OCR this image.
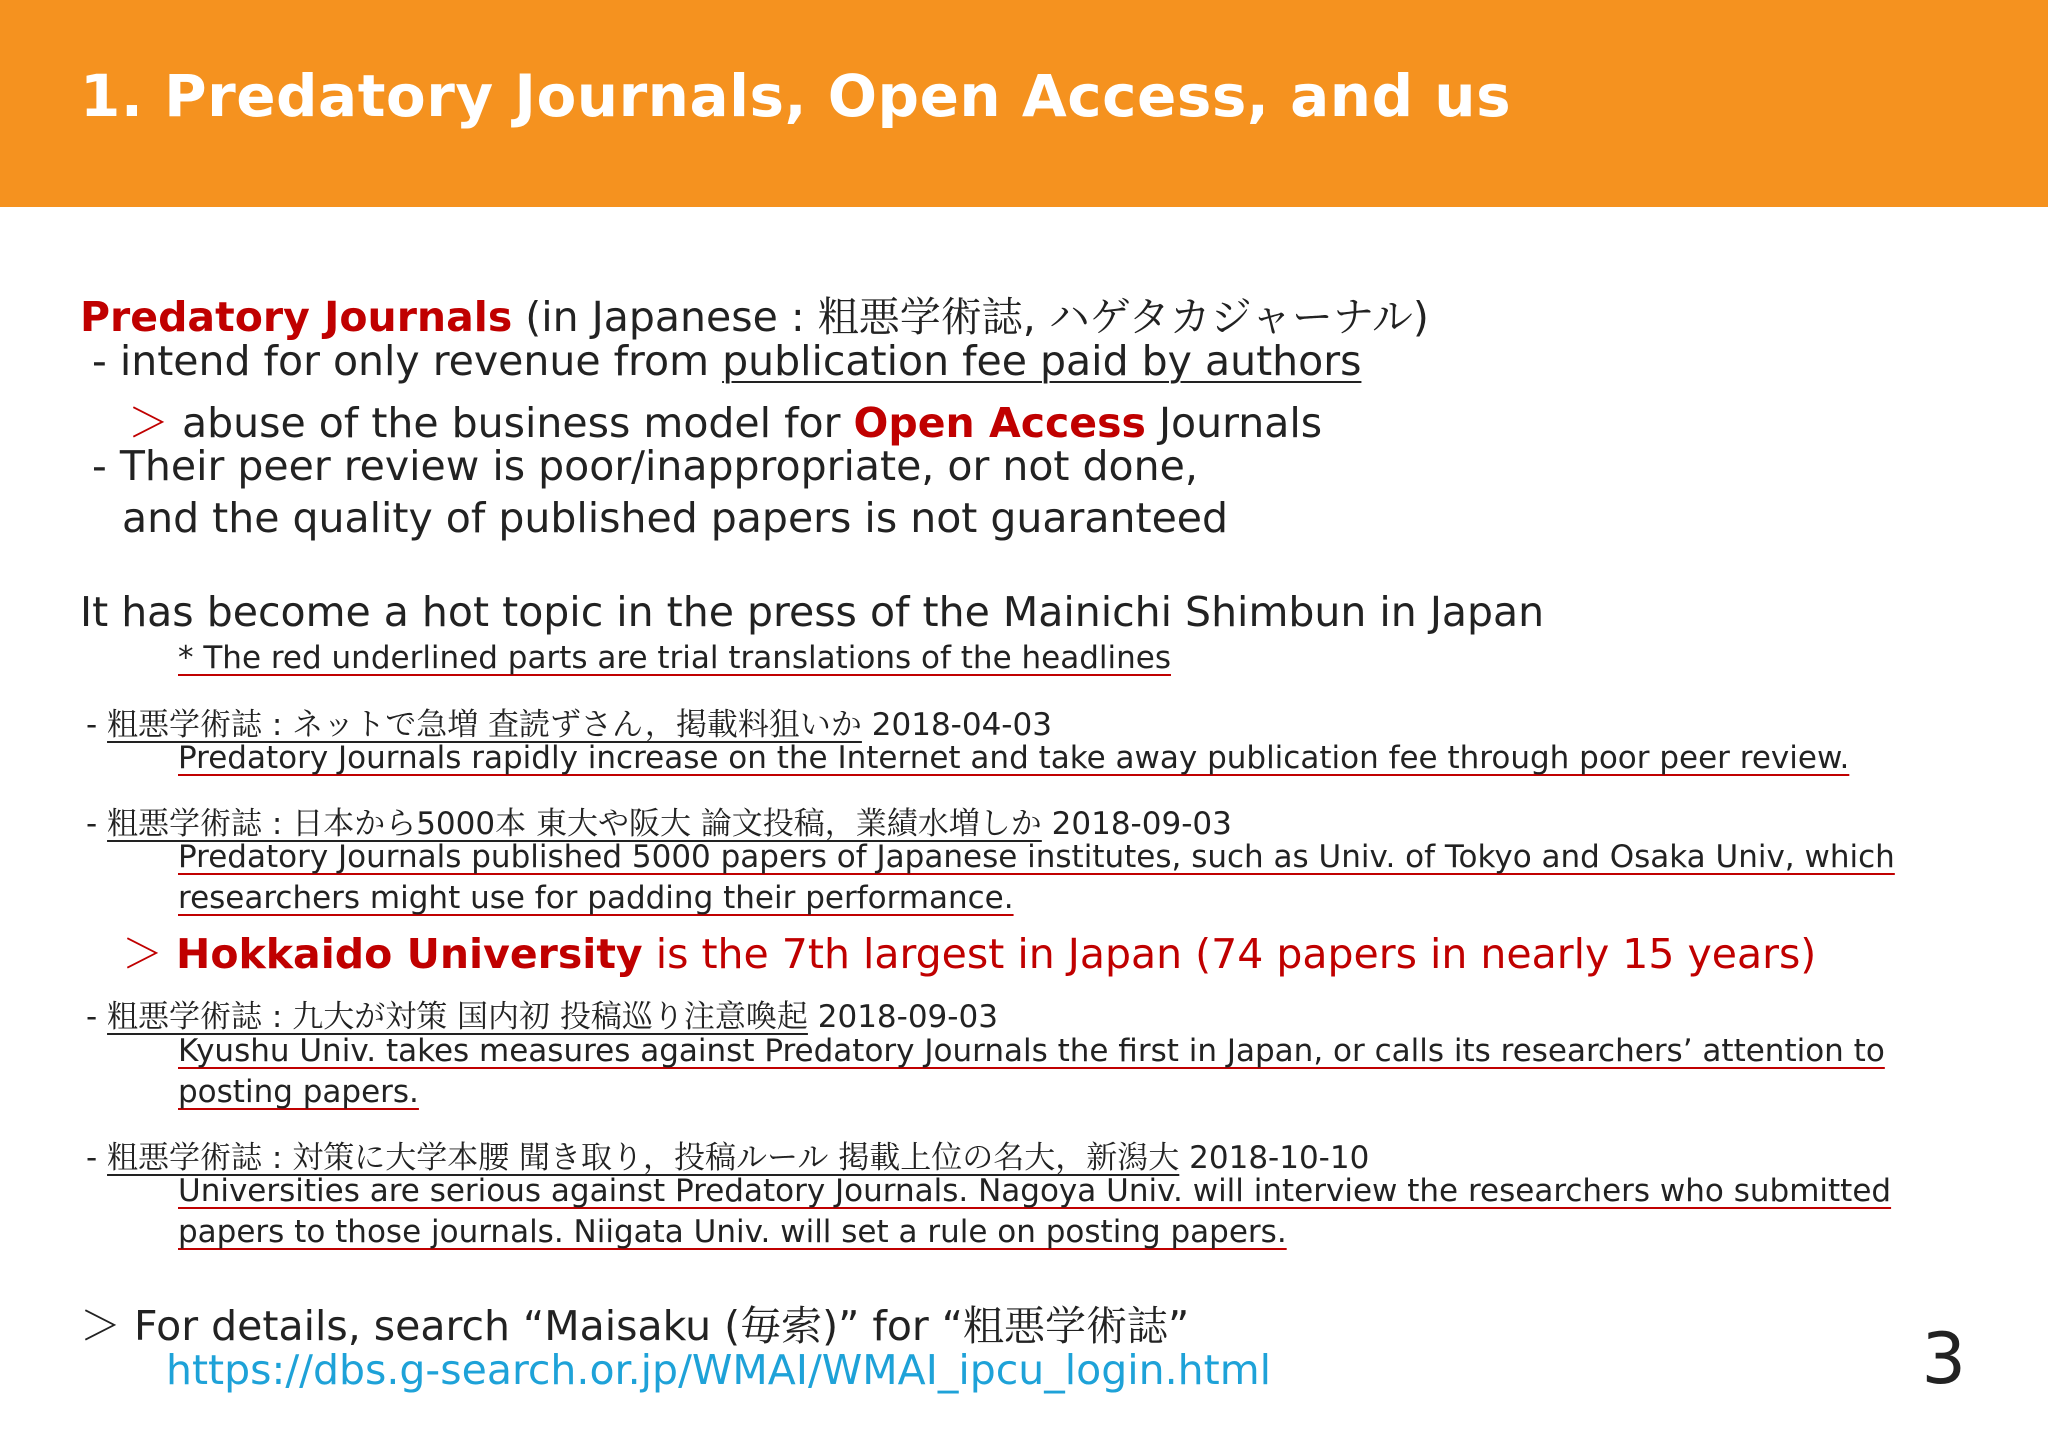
1. Predatory Journals, Open Access, and us
Predatory Journals (in Japanese : 粗悪学術誌, ハゲタカジャーナル)
- intend for only revenue from publication fee paid by authors
＞ abuse of the business model for Open Access Journals
- Their peer review is poor/inappropriate, or not done,
and the quality of published papers is not guaranteed
It has become a hot topic in the press of the Mainichi Shimbun in Japan
* The red underlined parts are trial translations of the headlines
- 粗悪学術誌 : ネットで急増 査読ずさん，掲載料狙いか 2018-04-03
Predatory Journals rapidly increase on the Internet and take away publication fee through poor peer review.
- 粗悪学術誌 : 日本から5000本 東大や阪大 論文投稿，業績水増しか 2018-09-03
Predatory Journals published 5000 papers of Japanese institutes, such as Univ. of Tokyo and Osaka Univ, which
researchers might use for padding their performance.
＞ Hokkaido University is the 7th largest in Japan (74 papers in nearly 15 years)
- 粗悪学術誌 : 九大が対策 国内初 投稿巡り注意喚起 2018-09-03
Kyushu Univ. takes measures against Predatory Journals the first in Japan, or calls its researchers’ attention to
posting papers.
- 粗悪学術誌 : 対策に大学本腰 聞き取り，投稿ルール 掲載上位の名大，新潟大 2018-10-10
Universities are serious against Predatory Journals. Nagoya Univ. will interview the researchers who submitted
papers to those journals. Niigata Univ. will set a rule on posting papers.
＞ For details, search “Maisaku (毎索)” for “粗悪学術誌”
https://dbs.g-search.or.jp/WMAI/WMAI_ipcu_login.html	3
